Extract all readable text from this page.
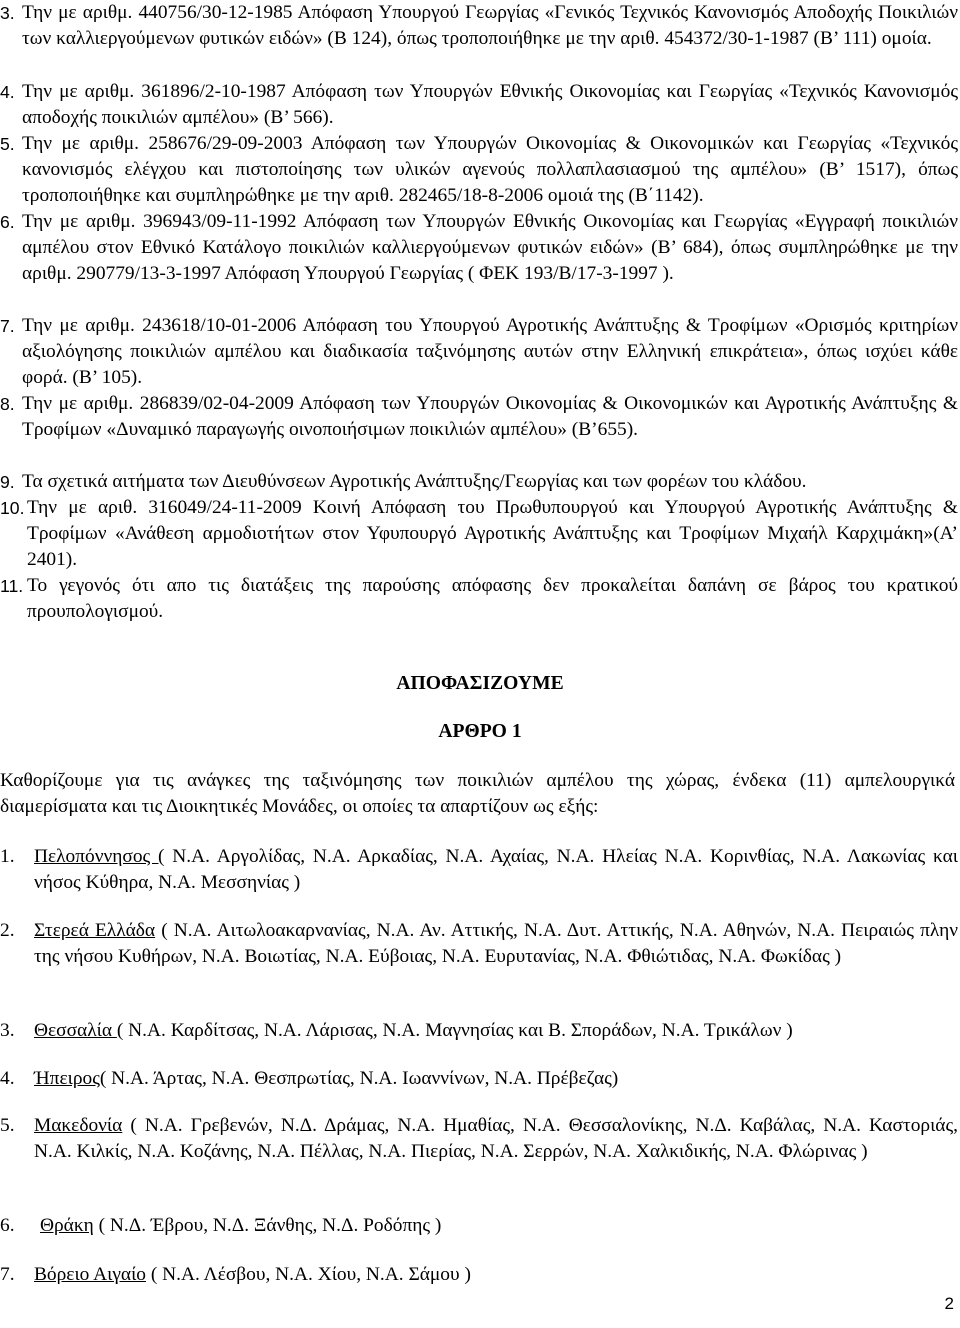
3. Την με αριθμ. 440756/30-12-1985 Απόφαση Υπουργού Γεωργίας «Γενικός Τεχνικός Κανονισμός Αποδοχής Ποικιλιών των καλλιεργούμενων φυτικών ειδών» (Β 124), όπως τροποποιήθηκε με την αριθ. 454372/30-1-1987 (Β’ 111) ομοία.
4. Την με αριθμ. 361896/2-10-1987 Απόφαση των Υπουργών Εθνικής Οικονομίας και Γεωργίας «Τεχνικός Κανονισμός αποδοχής ποικιλιών αμπέλου» (Β’ 566).
5. Την με αριθμ. 258676/29-09-2003 Απόφαση των Υπουργών Οικονομίας & Οικονομικών και Γεωργίας «Τεχνικός κανονισμός ελέγχου και πιστοποίησης των υλικών αγενούς πολλαπλασιασμού της αμπέλου» (Β’ 1517), όπως τροποποιήθηκε και συμπληρώθηκε με την αριθ. 282465/18-8-2006 ομοιά της (Β΄1142).
6. Την με αριθμ. 396943/09-11-1992 Απόφαση των Υπουργών Εθνικής Οικονομίας και Γεωργίας «Εγγραφή ποικιλιών αμπέλου στον Εθνικό Κατάλογο ποικιλιών καλλιεργούμενων φυτικών ειδών» (Β’ 684), όπως συμπληρώθηκε με την αριθμ. 290779/13-3-1997 Απόφαση Υπουργού Γεωργίας ( ΦΕΚ 193/Β/17-3-1997 ).
7. Την με αριθμ. 243618/10-01-2006 Απόφαση του Υπουργού Αγροτικής Ανάπτυξης & Τροφίμων «Ορισμός κριτηρίων αξιολόγησης ποικιλιών αμπέλου και διαδικασία ταξινόμησης αυτών στην Ελληνική επικράτεια», όπως ισχύει κάθε φορά. (Β’ 105).
8. Την με αριθμ. 286839/02-04-2009 Απόφαση των Υπουργών Οικονομίας & Οικονομικών και Αγροτικής Ανάπτυξης & Τροφίμων «Δυναμικό παραγωγής οινοποιήσιμων ποικιλιών αμπέλου» (Β’655).
9. Τα σχετικά αιτήματα των Διευθύνσεων Αγροτικής Ανάπτυξης/Γεωργίας και των φορέων του κλάδου.
10. Την με αριθ. 316049/24-11-2009 Κοινή Απόφαση του Πρωθυπουργού και Υπουργού Αγροτικής Ανάπτυξης & Τροφίμων «Ανάθεση αρμοδιοτήτων στον Υφυπουργό Αγροτικής Ανάπτυξης και Τροφίμων Μιχαήλ Καρχιμάκη»(Α’ 2401).
11. Το γεγονός ότι απο τις διατάξεις της παρούσης απόφασης δεν προκαλείται δαπάνη σε βάρος του κρατικού προυπολογισμού.
ΑΠΟΦΑΣΙΖΟΥΜΕ
ΑΡΘΡΟ 1
Καθορίζουμε για τις ανάγκες της ταξινόμησης των ποικιλιών αμπέλου της χώρας, ένδεκα (11) αμπελουργικά διαμερίσματα και τις Διοικητικές Μονάδες, οι οποίες τα απαρτίζουν ως εξής:
1. Πελοπόννησος ( Ν.Α. Αργολίδας, Ν.Α. Αρκαδίας, Ν.Α. Αχαίας, Ν.Α. Ηλείας Ν.Α. Κορινθίας, Ν.Α. Λακωνίας και νήσος Κύθηρα, Ν.Α. Μεσσηνίας )
2. Στερεά Ελλάδα ( Ν.Α. Αιτωλοακαρνανίας, Ν.Α. Αν. Αττικής, Ν.Α. Δυτ. Αττικής, Ν.Α. Αθηνών, Ν.Α. Πειραιώς πλην της νήσου Κυθήρων, Ν.Α. Βοιωτίας, Ν.Α. Εύβοιας, Ν.Α. Ευρυτανίας, Ν.Α. Φθιώτιδας, Ν.Α. Φωκίδας )
3. Θεσσαλία ( Ν.Α. Καρδίτσας, Ν.Α. Λάρισας, Ν.Α. Μαγνησίας και Β. Σποράδων, Ν.Α. Τρικάλων )
4. Ήπειρος( Ν.Α. Άρτας, Ν.Α. Θεσπρωτίας, Ν.Α. Ιωαννίνων, Ν.Α. Πρέβεζας)
5. Μακεδονία ( Ν.Α. Γρεβενών, Ν.Δ. Δράμας, Ν.Α. Ημαθίας, Ν.Α. Θεσσαλονίκης, Ν.Δ. Καβάλας, Ν.Α. Καστοριάς, Ν.Α. Κιλκίς, Ν.Α. Κοζάνης, Ν.Α. Πέλλας, Ν.Α. Πιερίας, Ν.Α. Σερρών, Ν.Α. Χαλκιδικής, Ν.Α. Φλώρινας )
6. Θράκη ( Ν.Δ. Έβρου, Ν.Δ. Ξάνθης, Ν.Δ. Ροδόπης )
7. Βόρειο Αιγαίο ( Ν.Α. Λέσβου, Ν.Α. Χίου, Ν.Α. Σάμου )
2
